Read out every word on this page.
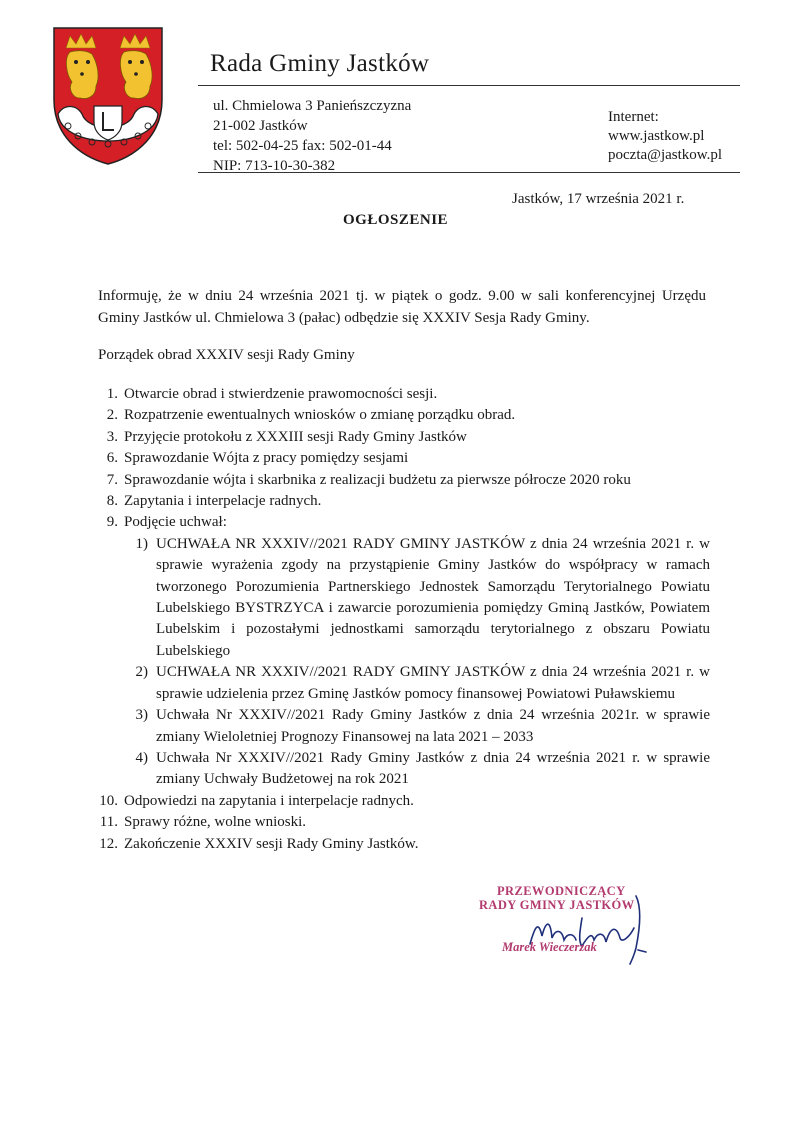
Rada Gminy Jastków
ul. Chmielowa 3 Panieńszczyzna
21-002 Jastków
tel: 502-04-25 fax: 502-01-44
NIP: 713-10-30-382
Internet:
www.jastkow.pl
poczta@jastkow.pl
Jastków, 17 września 2021 r.
OGŁOSZENIE
Informuję, że w dniu 24 września 2021 tj. w piątek o godz. 9.00 w sali konferencyjnej Urzędu Gminy Jastków ul. Chmielowa 3 (pałac) odbędzie się XXXIV Sesja Rady Gminy.
Porządek obrad XXXIV sesji Rady Gminy
1. Otwarcie obrad i stwierdzenie prawomocności sesji.
2. Rozpatrzenie ewentualnych wniosków o zmianę porządku obrad.
3. Przyjęcie protokołu z XXXIII sesji Rady Gminy Jastków
6. Sprawozdanie Wójta z pracy pomiędzy sesjami
7. Sprawozdanie wójta i skarbnika z realizacji budżetu za pierwsze półrocze 2020 roku
8. Zapytania i interpelacje radnych.
9. Podjęcie uchwał:
1) UCHWAŁA NR XXXIV//2021 RADY GMINY JASTKÓW z dnia 24 września 2021 r. w sprawie wyrażenia zgody na przystąpienie Gminy Jastków do współpracy w ramach tworzonego Porozumienia Partnerskiego Jednostek Samorządu Terytorialnego Powiatu Lubelskiego BYSTRZYCA i zawarcie porozumienia pomiędzy Gminą Jastków, Powiatem Lubelskim i pozostałymi jednostkami samorządu terytorialnego z obszaru Powiatu Lubelskiego
2) UCHWAŁA NR XXXIV//2021 RADY GMINY JASTKÓW z dnia 24 września 2021 r. w sprawie udzielenia przez Gminę Jastków pomocy finansowej Powiatowi Puławskiemu
3) Uchwała Nr XXXIV//2021 Rady Gminy Jastków z dnia 24 września 2021r. w sprawie zmiany Wieloletniej Prognozy Finansowej na lata 2021 – 2033
4) Uchwała Nr XXXIV//2021 Rady Gminy Jastków z dnia 24 września 2021 r. w sprawie zmiany Uchwały Budżetowej na rok 2021
10. Odpowiedzi na zapytania i interpelacje radnych.
11. Sprawy różne, wolne wnioski.
12. Zakończenie XXXIV sesji Rady Gminy Jastków.
PRZEWODNICZĄCY
RADY GMINY JASTKÓW
Marek Wieczerzak
